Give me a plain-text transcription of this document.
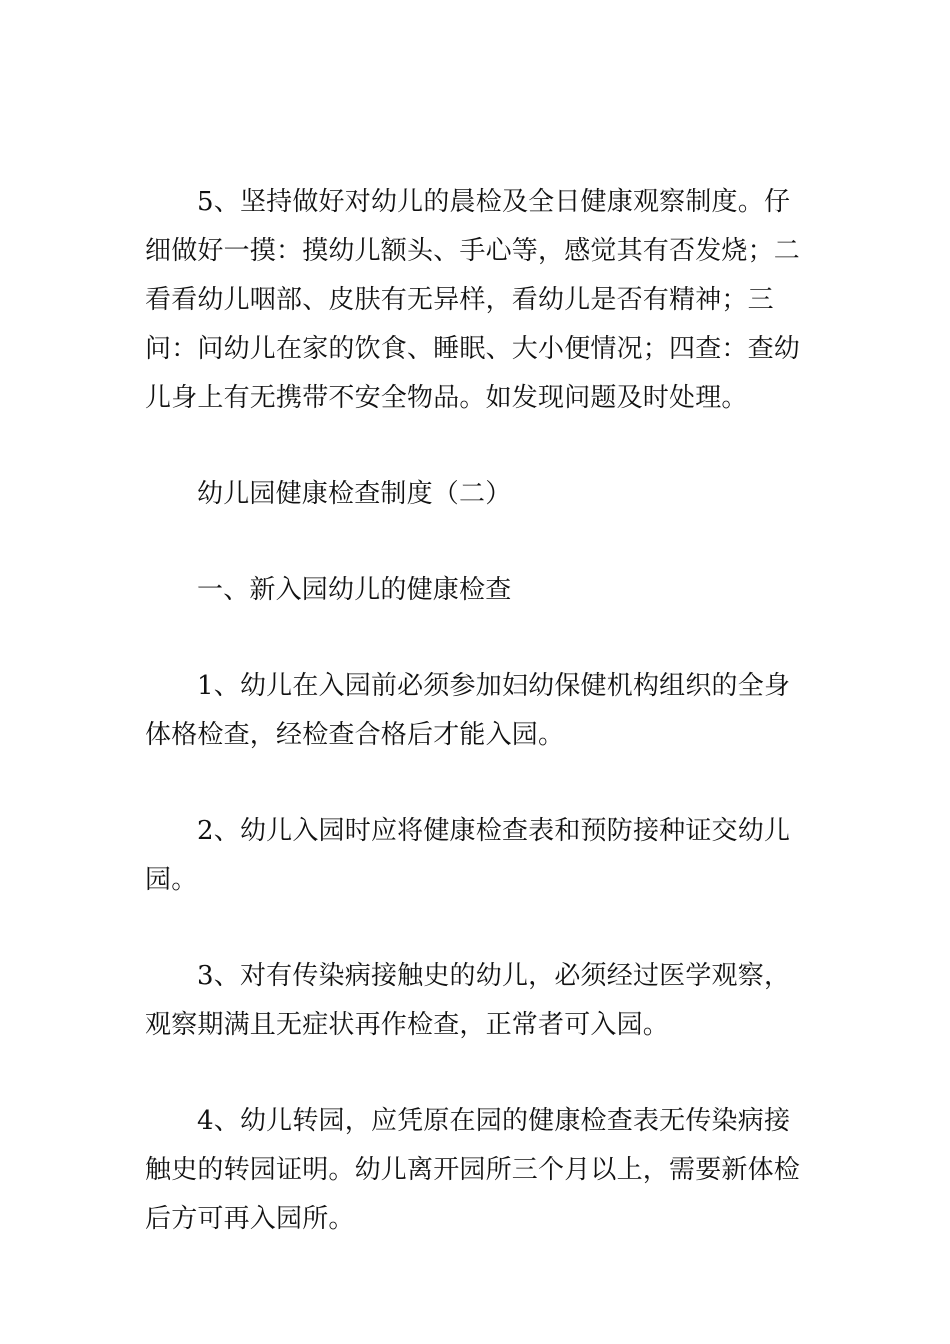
5、坚持做好对幼儿的晨检及全日健康观察制度。仔细做好一摸：摸幼儿额头、手心等，感觉其有否发烧；二看看幼儿咽部、皮肤有无异样，看幼儿是否有精神；三问：问幼儿在家的饮食、睡眠、大小便情况；四查：查幼儿身上有无携带不安全物品。如发现问题及时处理。

幼儿园健康检查制度（二）

一、新入园幼儿的健康检查

1、幼儿在入园前必须参加妇幼保健机构组织的全身体格检查，经检查合格后才能入园。

2、幼儿入园时应将健康检查表和预防接种证交幼儿园。

3、对有传染病接触史的幼儿，必须经过医学观察，观察期满且无症状再作检查，正常者可入园。

4、幼儿转园，应凭原在园的健康检查表无传染病接触史的转园证明。幼儿离开园所三个月以上，需要新体检后方可再入园所。
